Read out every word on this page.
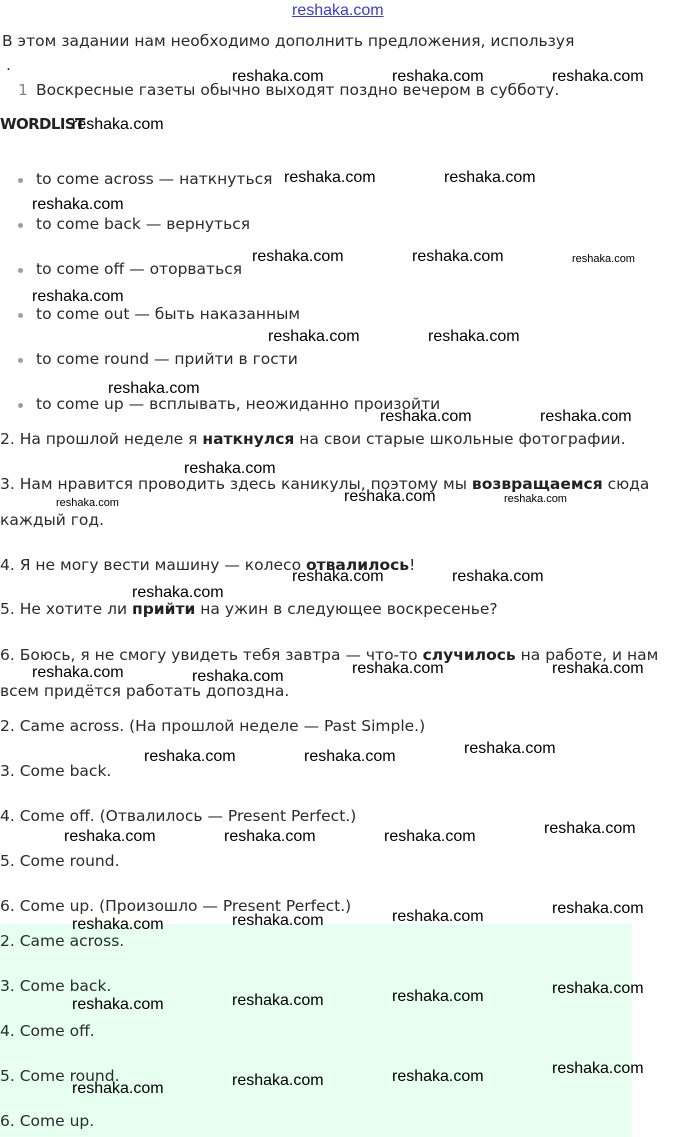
reshaka.com
В этом задании нам необходимо дополнить предложения, используя
.
1 Воскресные газеты обычно выходят поздно вечером в субботу.
WORDLIST
to come across — наткнуться
to come back — вернуться
to come off — оторваться
to come out — быть наказанным
to come round — прийти в гости
to come up — всплывать, неожиданно произойти
2. На прошлой неделе я наткнулся на свои старые школьные фотографии.
3. Нам нравится проводить здесь каникулы, поэтому мы возвращаемся сюда
каждый год.
4. Я не могу вести машину — колесо отвалилось!
5. Не хотите ли прийти на ужин в следующее воскресенье?
6. Боюсь, я не смогу увидеть тебя завтра — что-то случилось на работе, и нам
всем придётся работать допоздна.
2. Came across. (На прошлой неделе — Past Simple.)
3. Come back.
4. Come off. (Отвалилось — Present Perfect.)
5. Come round.
6. Come up. (Произошло — Present Perfect.)
2. Came across.
3. Come back.
4. Come off.
5. Come round.
6. Come up.
reshaka.com	reshaka.com	reshaka.com
reshaka.com
reshaka.com	reshaka.com
reshaka.com
reshaka.com	reshaka.com	reshaka.com
reshaka.com
reshaka.com	reshaka.com
reshaka.com
reshaka.com	reshaka.com
reshaka.com
reshaka.com
reshaka.com	reshaka.com
reshaka.com	reshaka.com
reshaka.com
reshaka.com	reshaka.com
reshaka.com	reshaka.com
reshaka.com
reshaka.com	reshaka.com
reshaka.com
reshaka.com	reshaka.com	reshaka.com
reshaka.com
reshaka.com
reshaka.com
reshaka.com
reshaka.com
reshaka.com
reshaka.com
reshaka.com
reshaka.com
reshaka.com
reshaka.com
reshaka.com
